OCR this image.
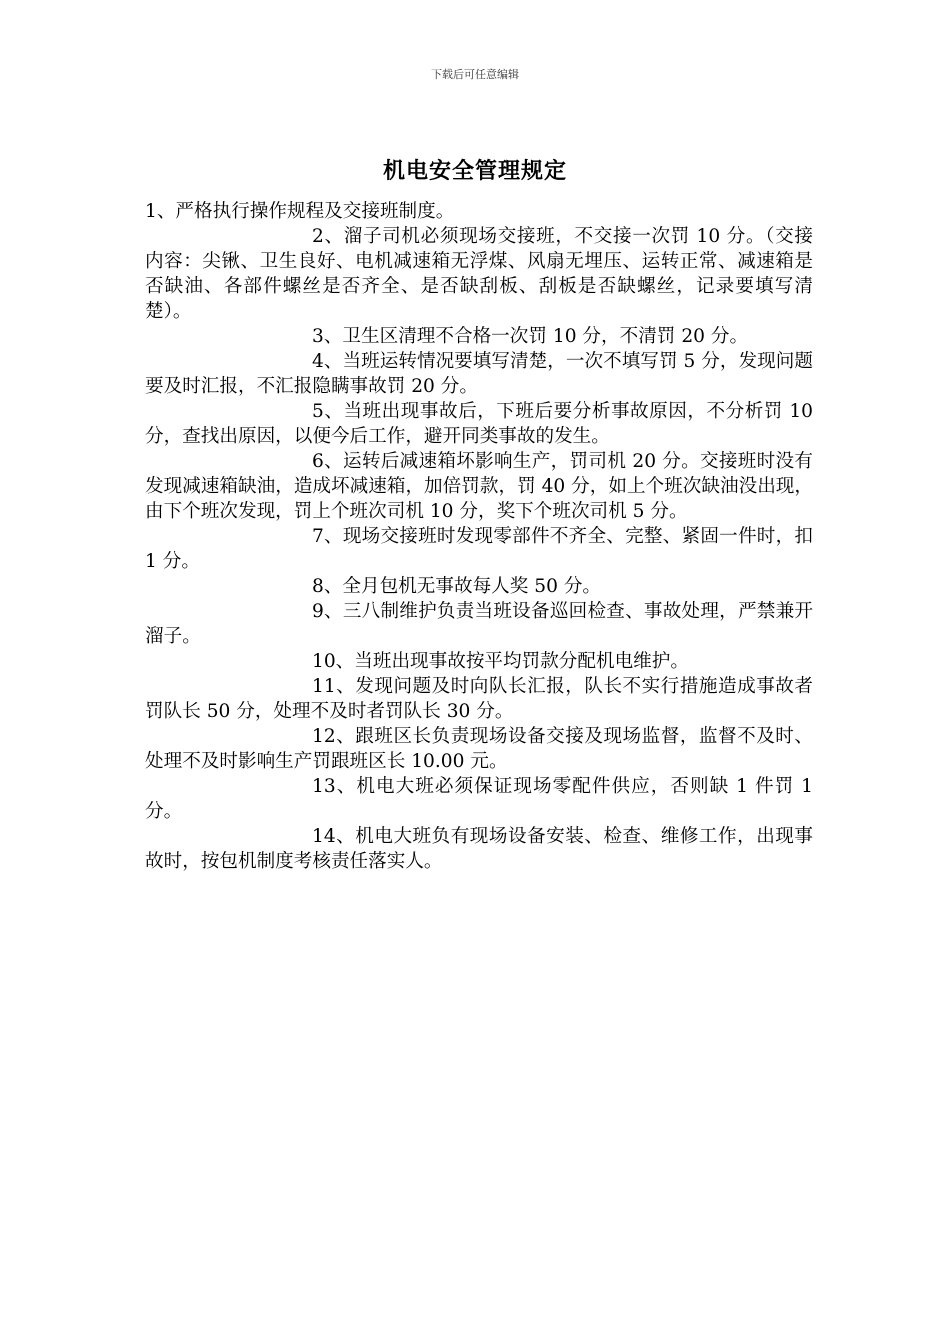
下载后可任意编辑
机电安全管理规定

1、严格执行操作规程及交接班制度。

2、溜子司机必须现场交接班，不交接一次罚 10 分。（交接内容：尖锹、卫生良好、电机减速箱无浮煤、风扇无埋压、运转正常、减速箱是否缺油、各部件螺丝是否齐全、是否缺刮板、刮板是否缺螺丝，记录要填写清楚）。

3、卫生区清理不合格一次罚 10 分，不清罚 20 分。

4、当班运转情况要填写清楚，一次不填写罚 5 分，发现问题要及时汇报，不汇报隐瞒事故罚 20 分。

5、当班出现事故后，下班后要分析事故原因，不分析罚 10 分，查找出原因，以便今后工作，避开同类事故的发生。

6、运转后减速箱坏影响生产，罚司机 20 分。交接班时没有发现减速箱缺油，造成坏减速箱，加倍罚款，罚 40 分，如上个班次缺油没出现，由下个班次发现，罚上个班次司机 10 分，奖下个班次司机 5 分。

7、现场交接班时发现零部件不齐全、完整、紧固一件时，扣 1 分。

8、全月包机无事故每人奖 50 分。

9、三八制维护负责当班设备巡回检查、事故处理，严禁兼开溜子。

10、当班出现事故按平均罚款分配机电维护。

11、发现问题及时向队长汇报，队长不实行措施造成事故者罚队长 50 分，处理不及时者罚队长 30 分。

12、跟班区长负责现场设备交接及现场监督，监督不及时、处理不及时影响生产罚跟班区长 10.00 元。

13、机电大班必须保证现场零配件供应，否则缺 1 件罚 1 分。

14、机电大班负有现场设备安装、检查、维修工作，出现事故时，按包机制度考核责任落实人。
